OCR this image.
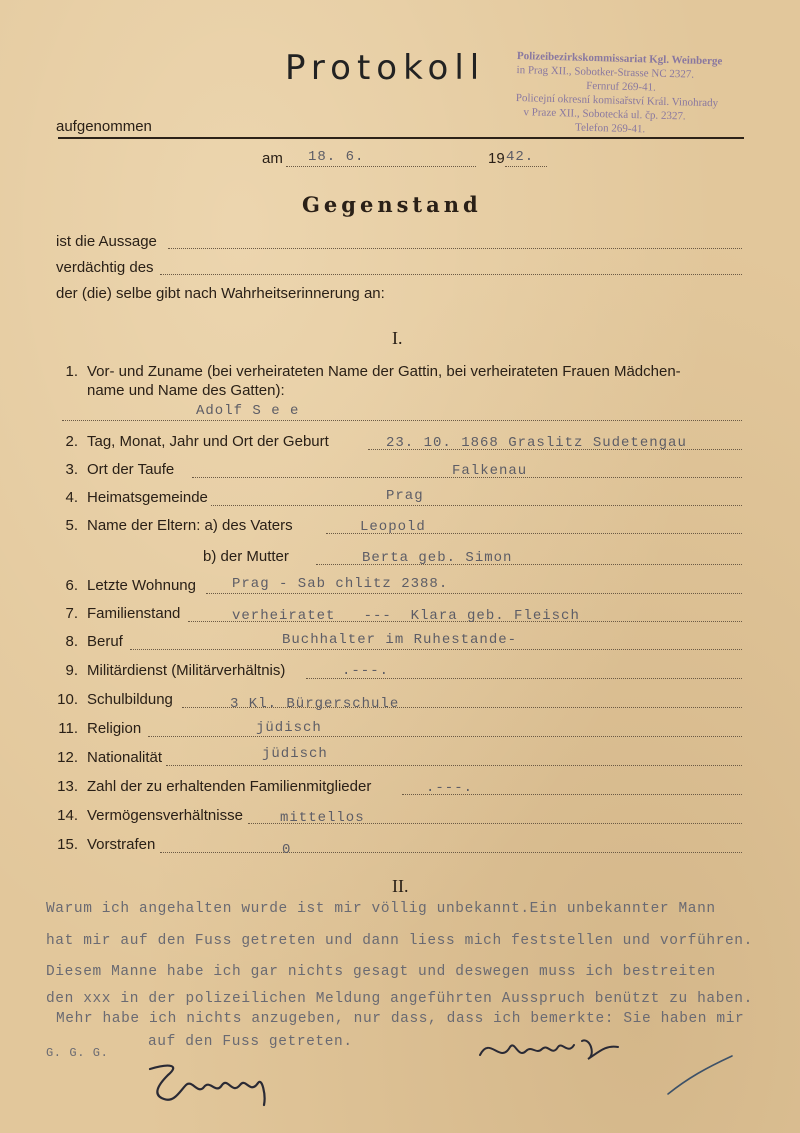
Protokoll	Polizeibezirkskommissariat Kgl. Weinberge
in Prag XII., Sobotker-Strasse NC 2327.
Fernruf 269-41.
Policejní okresní komisařství Král. Vinohrady
v Praze XII., Sobotecká ul. čp. 2327.
Telefon 269-41.
aufgenommen
am 18. 6.	19 42.
Gegenstand
ist die Aussage
verdächtig des
der (die) selbe gibt nach Wahrheitserinnerung an:
I.
1. Vor- und Zuname (bei verheirateten Name der Gattin, bei verheirateten Frauen Mädchen-
name und Name des Gatten):
Adolf S e e
2. Tag, Monat, Jahr und Ort der Geburt	23. 10. 1868 Graslitz Sudetengau
3. Ort der Taufe	Falkenau
4. Heimatsgemeinde	Prag
5. Name der Eltern: a) des Vaters	Leopold
b) der Mutter	Berta geb. Simon
6. Letzte Wohnung	Prag - Sab chlitz 2388.
7. Familienstand	verheiratet   ---  Klara geb. Fleisch
8. Beruf	Buchhalter im Ruhestande-
9. Militärdienst (Militärverhältnis)	.---.
10. Schulbildung	3 Kl. Bürgerschule
11. Religion	jüdisch
12. Nationalität	jüdisch
13. Zahl der zu erhaltenden Familienmitglieder	.---.
14. Vermögensverhältnisse	mittellos
15. Vorstrafen	0
II.
Warum ich angehalten wurde ist mir völlig unbekannt.Ein unbekannter Mann
hat mir auf den Fuss getreten und dann liess mich feststellen und vorführen.
Diesem Manne habe ich gar nichts gesagt und deswegen muss ich bestreiten
den xxx in der polizeilichen Meldung angeführten Ausspruch benützt zu haben.
Mehr habe ich nichts anzugeben, nur dass, dass ich bemerkte: Sie haben mir
auf den Fuss getreten.
G. G. G.
